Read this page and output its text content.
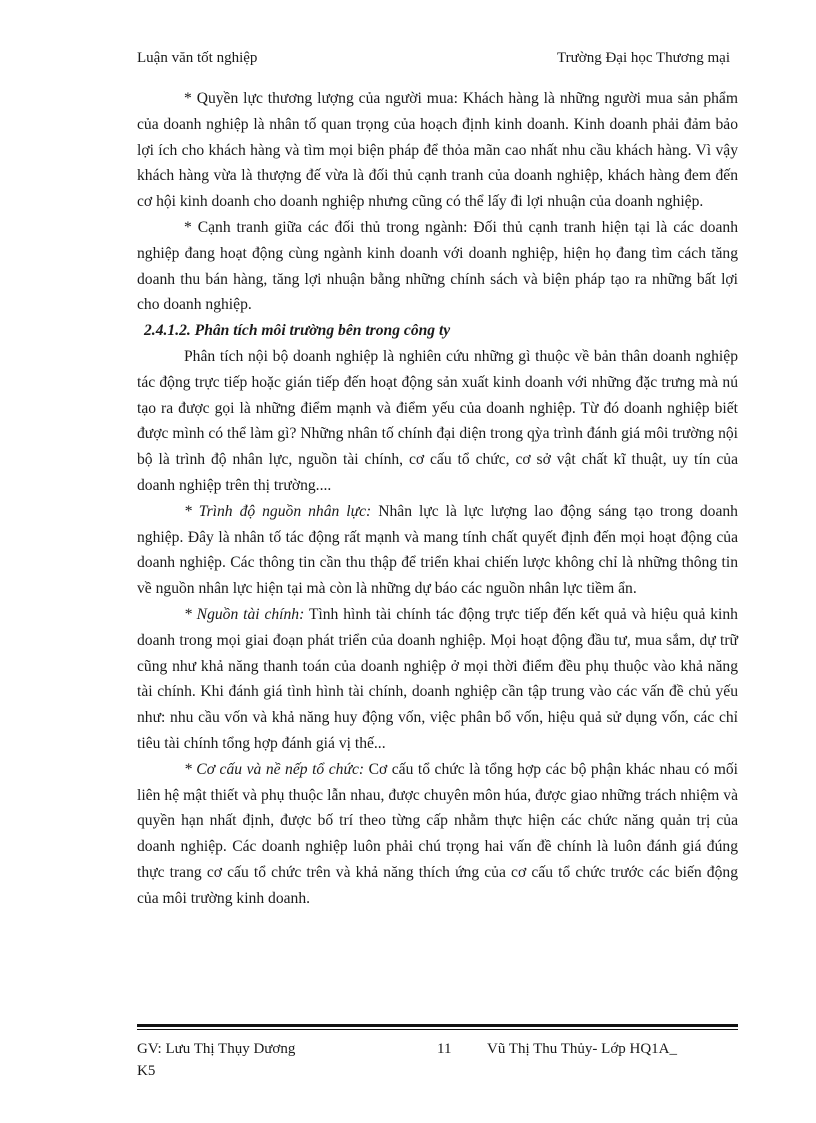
Luận văn tốt nghiệp	Trường Đại học Thương mại

* Quyền lực thương lượng của người mua: Khách hàng là những người mua sản phẩm của doanh nghiệp là nhân tố quan trọng của hoạch định kinh doanh. Kinh doanh phải đảm bảo lợi ích cho khách hàng và tìm mọi biện pháp để thỏa mãn cao nhất nhu cầu khách hàng. Vì vậy khách hàng vừa là thượng đế vừa là đối thủ cạnh tranh của doanh nghiệp, khách hàng đem đến cơ hội kinh doanh cho doanh nghiệp nhưng cũng có thể lấy đi lợi nhuận của doanh nghiệp.

* Cạnh tranh giữa các đối thủ trong ngành: Đối thủ cạnh tranh hiện tại là các doanh nghiệp đang hoạt động cùng ngành kinh doanh với doanh nghiệp, hiện họ đang tìm cách tăng doanh thu bán hàng, tăng lợi nhuận bằng những chính sách và biện pháp tạo ra những bất lợi cho doanh nghiệp.

2.4.1.2. Phân tích môi trường bên trong công ty

Phân tích nội bộ doanh nghiệp là nghiên cứu những gì thuộc về bản thân doanh nghiệp tác động trực tiếp hoặc gián tiếp đến hoạt động sản xuất kinh doanh với những đặc trưng mà nú tạo ra được gọi là những điểm mạnh và điểm yếu của doanh nghiệp. Từ đó doanh nghiệp biết được mình có thể làm gì? Những nhân tố chính đại diện trong qỳa trình đánh giá môi trường nội bộ là trình độ nhân lực, nguồn tài chính, cơ cấu tổ chức, cơ sở vật chất kĩ thuật, uy tín của doanh nghiệp trên thị trường....

* Trình độ nguồn nhân lực: Nhân lực là lực lượng lao động sáng tạo trong doanh nghiệp. Đây là nhân tố tác động rất mạnh và mang tính chất quyết định đến mọi hoạt động của doanh nghiệp. Các thông tin cần thu thập để triển khai chiến lược không chỉ là những thông tin về nguồn nhân lực hiện tại mà còn là những dự báo các nguồn nhân lực tiềm ẩn.

* Nguồn tài chính: Tình hình tài chính tác động trực tiếp đến kết quả và hiệu quả kinh doanh trong mọi giai đoạn phát triển của doanh nghiệp. Mọi hoạt động đầu tư, mua sắm, dự trữ cũng như khả năng thanh toán của doanh nghiệp ở mọi thời điểm đều phụ thuộc vào khả năng tài chính. Khi đánh giá tình hình tài chính, doanh nghiệp cần tập trung vào các vấn đề chủ yếu như: nhu cầu vốn và khả năng huy động vốn, việc phân bổ vốn, hiệu quả sử dụng vốn, các chỉ tiêu tài chính tổng hợp đánh giá vị thế...

* Cơ cấu và nề nếp tổ chức: Cơ cấu tổ chức là tổng hợp các bộ phận khác nhau có mối liên hệ mật thiết và phụ thuộc lẫn nhau, được chuyên môn húa, được giao những trách nhiệm và quyền hạn nhất định, được bố trí theo từng cấp nhằm thực hiện các chức năng quản trị của doanh nghiệp. Các doanh nghiệp luôn phải chú trọng hai vấn đề chính là luôn đánh giá đúng thực trang cơ cấu tổ chức trên và khả năng thích ứng của cơ cấu tổ chức trước các biến động của môi trường kinh doanh.

GV: Lưu Thị Thụy Dương	11	Vũ Thị Thu Thủy- Lớp HQ1A_
K5
